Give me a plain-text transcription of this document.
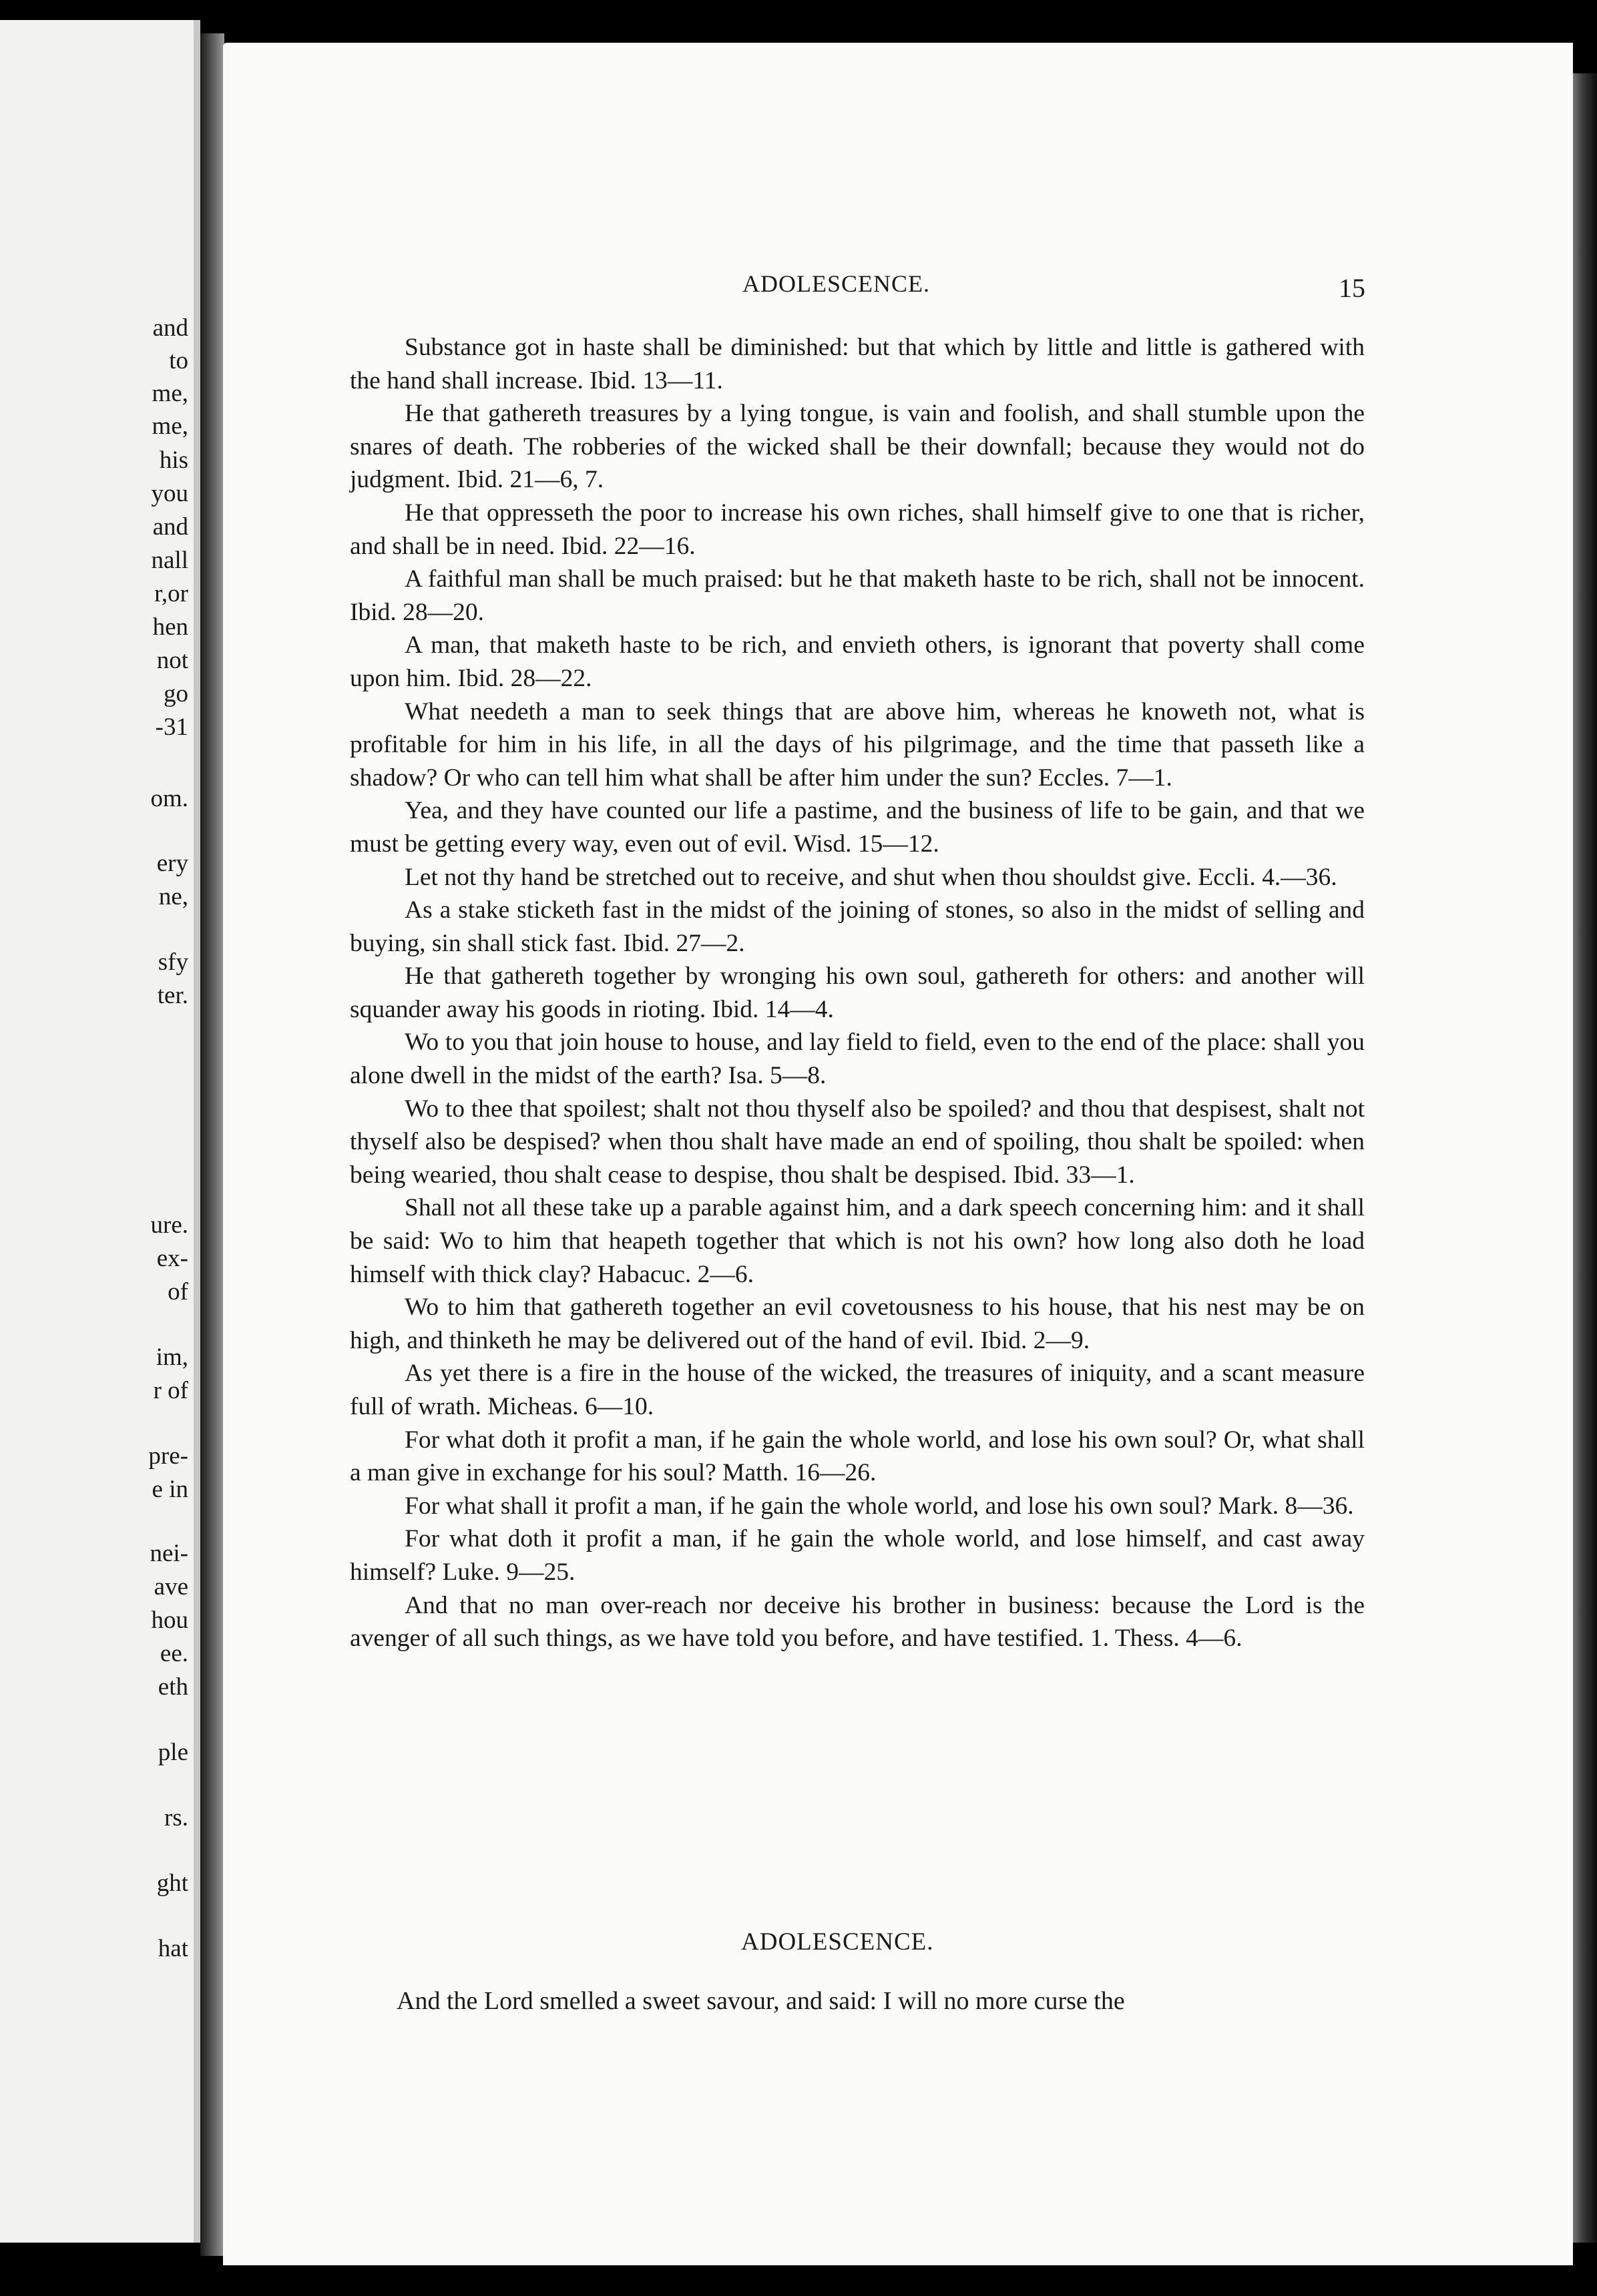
and
to
me,
me,
his
you
and
nall
r,or
hen
not
go
-31
om.
ery
ne,
sfy
ter.
ure.
ex-
of
im,
r of
pre-
e in
nei-
ave
hou
ee.
eth
ple
rs.
ght
hat
ADOLESCENCE.	15

Substance got in haste shall be diminished: but that which by little and little is gathered with the hand shall increase. Ibid. 13—11.

He that gathereth treasures by a lying tongue, is vain and foolish, and shall stumble upon the snares of death. The robberies of the wicked shall be their downfall; because they would not do judgment. Ibid. 21—6, 7.

He that oppresseth the poor to increase his own riches, shall himself give to one that is richer, and shall be in need. Ibid. 22—16.

A faithful man shall be much praised: but he that maketh haste to be rich, shall not be innocent. Ibid. 28—20.

A man, that maketh haste to be rich, and envieth others, is ignorant that poverty shall come upon him. Ibid. 28—22.

What needeth a man to seek things that are above him, whereas he knoweth not, what is profitable for him in his life, in all the days of his pilgrimage, and the time that passeth like a shadow? Or who can tell him what shall be after him under the sun? Eccles. 7—1.

Yea, and they have counted our life a pastime, and the business of life to be gain, and that we must be getting every way, even out of evil. Wisd. 15—12.

Let not thy hand be stretched out to receive, and shut when thou shouldst give. Eccli. 4.—36.

As a stake sticketh fast in the midst of the joining of stones, so also in the midst of selling and buying, sin shall stick fast. Ibid. 27—2.

He that gathereth together by wronging his own soul, gathereth for others: and another will squander away his goods in rioting. Ibid. 14—4.

Wo to you that join house to house, and lay field to field, even to the end of the place: shall you alone dwell in the midst of the earth? Isa. 5—8.

Wo to thee that spoilest; shalt not thou thyself also be spoiled? and thou that despisest, shalt not thyself also be despised? when thou shalt have made an end of spoiling, thou shalt be spoiled: when being wearied, thou shalt cease to despise, thou shalt be despised. Ibid. 33—1.

Shall not all these take up a parable against him, and a dark speech concerning him: and it shall be said: Wo to him that heapeth together that which is not his own? how long also doth he load himself with thick clay? Habacuc. 2—6.

Wo to him that gathereth together an evil covetousness to his house, that his nest may be on high, and thinketh he may be delivered out of the hand of evil. Ibid. 2—9.

As yet there is a fire in the house of the wicked, the treasures of iniquity, and a scant measure full of wrath. Micheas. 6—10.

For what doth it profit a man, if he gain the whole world, and lose his own soul? Or, what shall a man give in exchange for his soul? Matth. 16—26.

For what shall it profit a man, if he gain the whole world, and lose his own soul? Mark. 8—36.

For what doth it profit a man, if he gain the whole world, and lose himself, and cast away himself? Luke. 9—25.

And that no man over-reach nor deceive his brother in business: because the Lord is the avenger of all such things, as we have told you before, and have testified. 1. Thess. 4—6.

ADOLESCENCE.
And the Lord smelled a sweet savour, and said: I will no more curse the
